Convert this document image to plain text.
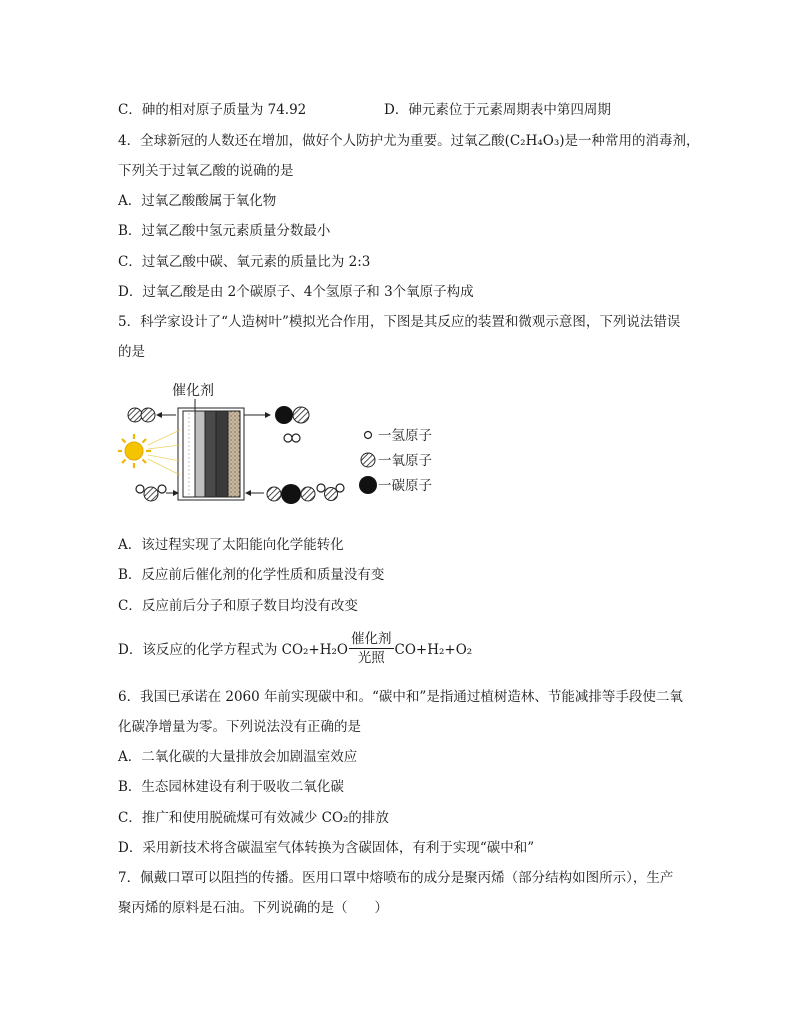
C．砷的相对原子质量为 74.92	D．砷元素位于元素周期表中第四周期
4．全球新冠的人数还在增加，做好个人防护尤为重要。过氧乙酸(C₂H₄O₃)是一种常用的消毒剂，
下列关于过氧乙酸的说确的是
A．过氧乙酸酸属于氧化物
B．过氧乙酸中氢元素质量分数最小
C．过氧乙酸中碳、氧元素的质量比为 2:3
D．过氧乙酸是由 2个碳原子、4个氢原子和 3个氧原子构成
5．科学家设计了“人造树叶”模拟光合作用，下图是其反应的装置和微观示意图，下列说法错误
的是
催化剂
一氢原子
一氧原子
一碳原子
A．该过程实现了太阳能向化学能转化
B．反应前后催化剂的化学性质和质量没有变
C．反应前后分子和原子数目均没有改变
D．该反应的化学方程式为 $CO_2+H_2O \frac{\text{催化剂}}{\text{光照}} CO+H_2+O_2$
6．我国已承诺在 2060 年前实现碳中和。“碳中和”是指通过植树造林、节能减排等手段使二氧
化碳净增量为零。下列说法没有正确的是
A．二氧化碳的大量排放会加剧温室效应
B．生态园林建设有利于吸收二氧化碳
C．推广和使用脱硫煤可有效减少 CO₂的排放
D．采用新技术将含碳温室气体转换为含碳固体，有利于实现“碳中和”
7．佩戴口罩可以阻挡的传播。医用口罩中熔喷布的成分是聚丙烯（部分结构如图所示），生产
聚丙烯的原料是石油。下列说确的是（　　）
